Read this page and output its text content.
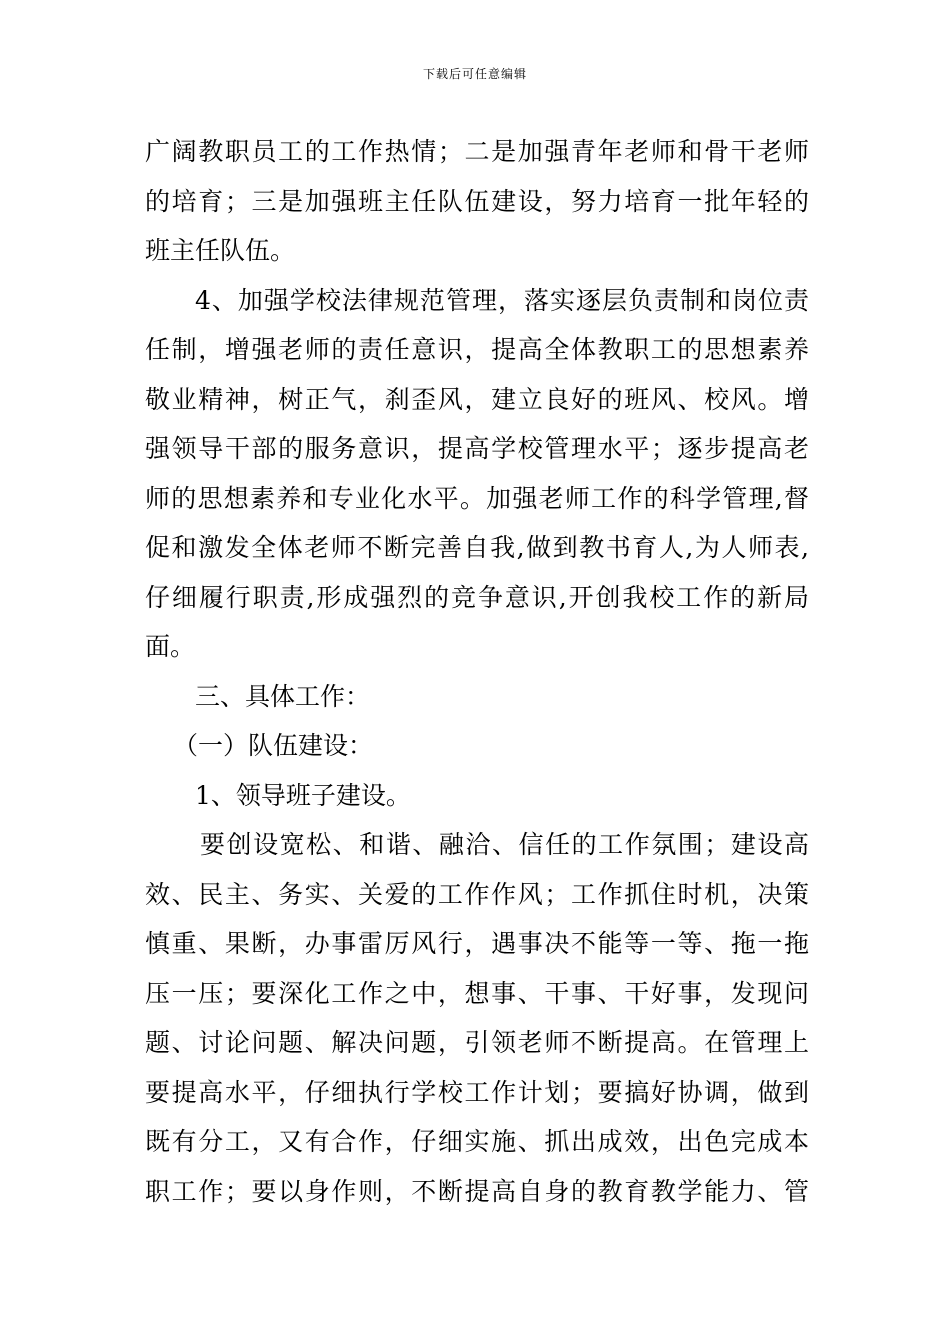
下载后可任意编辑
广阔教职员工的工作热情；二是加强青年老师和骨干老师
的培育；三是加强班主任队伍建设，努力培育一批年轻的
班主任队伍。
4、加强学校法律规范管理，落实逐层负责制和岗位责
任制，增强老师的责任意识，提高全体教职工的思想素养
敬业精神，树正气，刹歪风，建立良好的班风、校风。增
强领导干部的服务意识，提高学校管理水平；逐步提高老
师的思想素养和专业化水平。加强老师工作的科学管理,督
促和激发全体老师不断完善自我,做到教书育人,为人师表,
仔细履行职责,形成强烈的竞争意识,开创我校工作的新局
面。
三、具体工作：
（一）队伍建设：
1、领导班子建设。
要创设宽松、和谐、融洽、信任的工作氛围；建设高
效、民主、务实、关爱的工作作风；工作抓住时机，决策
慎重、果断，办事雷厉风行，遇事决不能等一等、拖一拖
压一压；要深化工作之中，想事、干事、干好事，发现问
题、讨论问题、解决问题，引领老师不断提高。在管理上
要提高水平，仔细执行学校工作计划；要搞好协调，做到
既有分工，又有合作，仔细实施、抓出成效，出色完成本
职工作；要以身作则，不断提高自身的教育教学能力、管
